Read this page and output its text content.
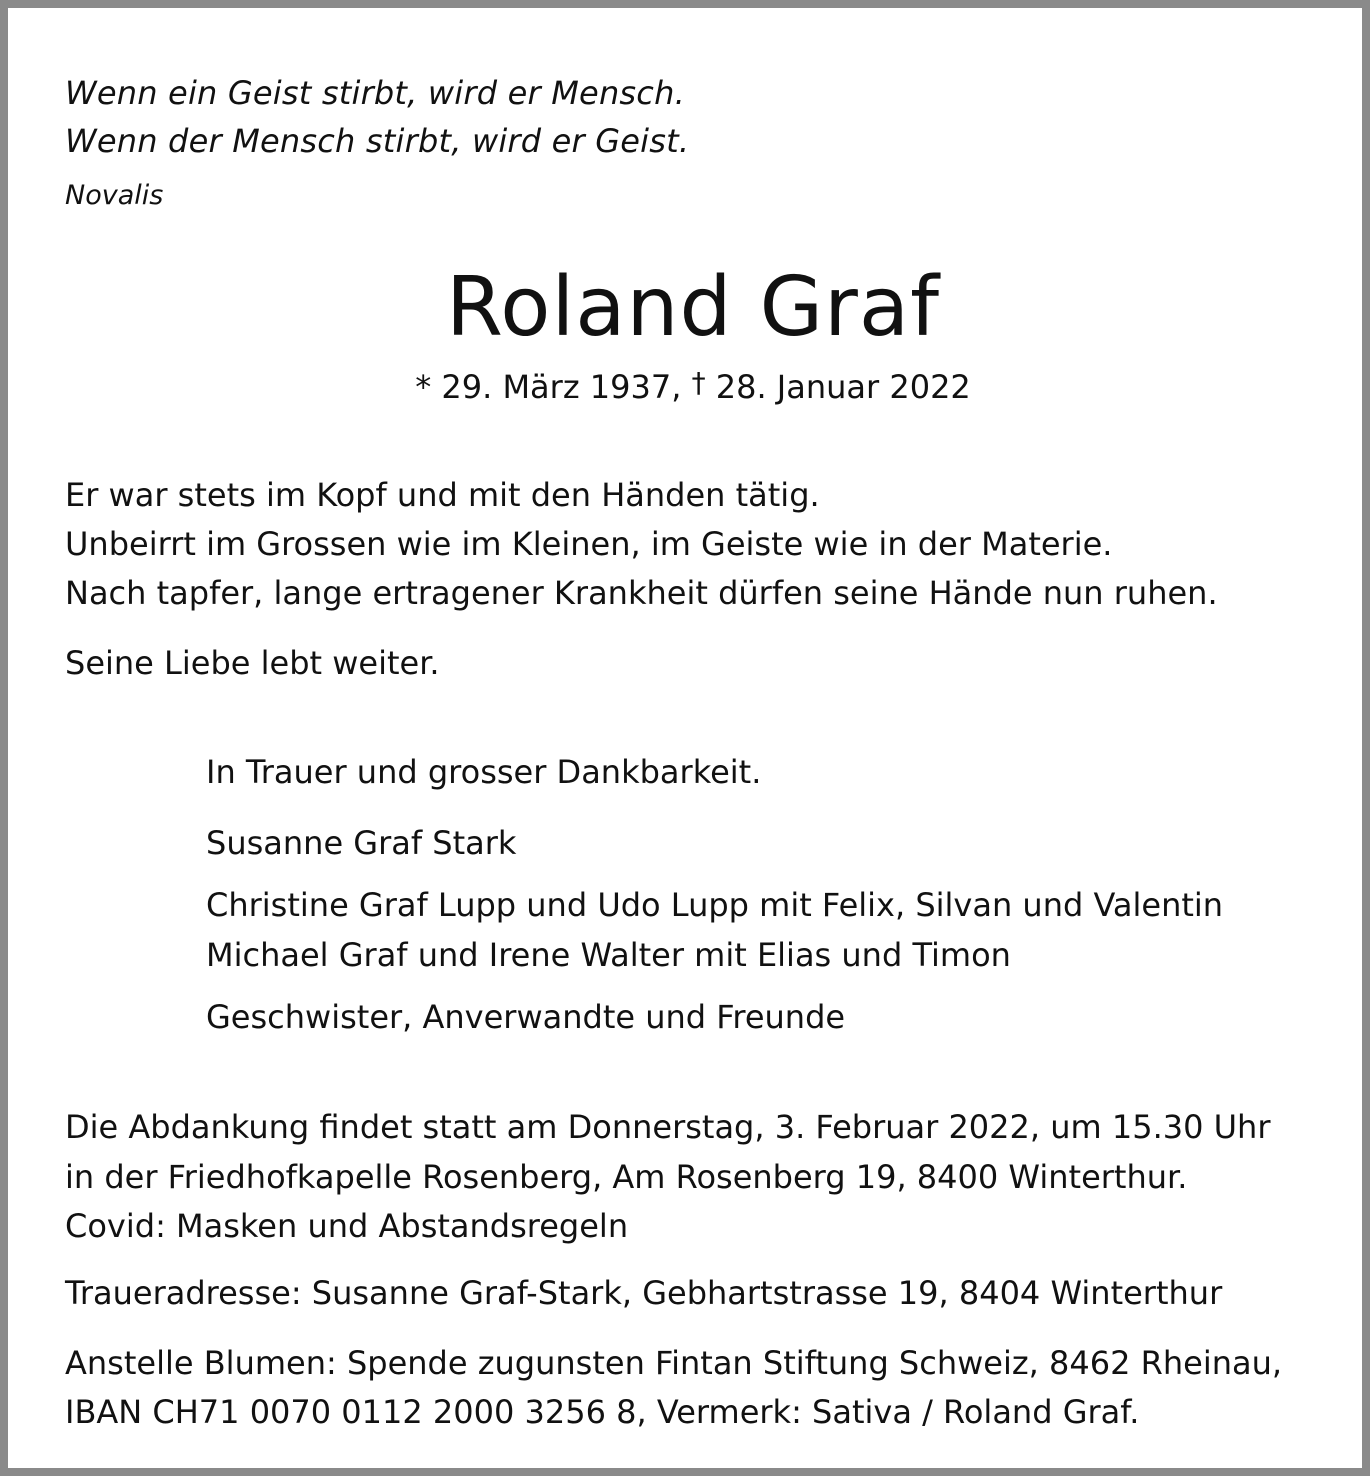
Wenn ein Geist stirbt, wird er Mensch.
Wenn der Mensch stirbt, wird er Geist.
Novalis
Roland Graf
* 29. März 1937, † 28. Januar 2022
Er war stets im Kopf und mit den Händen tätig.
Unbeirrt im Grossen wie im Kleinen, im Geiste wie in der Materie.
Nach tapfer, lange ertragener Krankheit dürfen seine Hände nun ruhen.
Seine Liebe lebt weiter.
In Trauer und grosser Dankbarkeit.
Susanne Graf Stark
Christine Graf Lupp und Udo Lupp mit Felix, Silvan und Valentin
Michael Graf und Irene Walter mit Elias und Timon
Geschwister, Anverwandte und Freunde
Die Abdankung findet statt am Donnerstag, 3. Februar 2022, um 15.30 Uhr
in der Friedhofkapelle Rosenberg, Am Rosenberg 19, 8400 Winterthur.
Covid: Masken und Abstandsregeln
Traueradresse: Susanne Graf-Stark, Gebhartstrasse 19, 8404 Winterthur
Anstelle Blumen: Spende zugunsten Fintan Stiftung Schweiz, 8462 Rheinau,
IBAN CH71 0070 0112 2000 3256 8, Vermerk: Sativa / Roland Graf.
